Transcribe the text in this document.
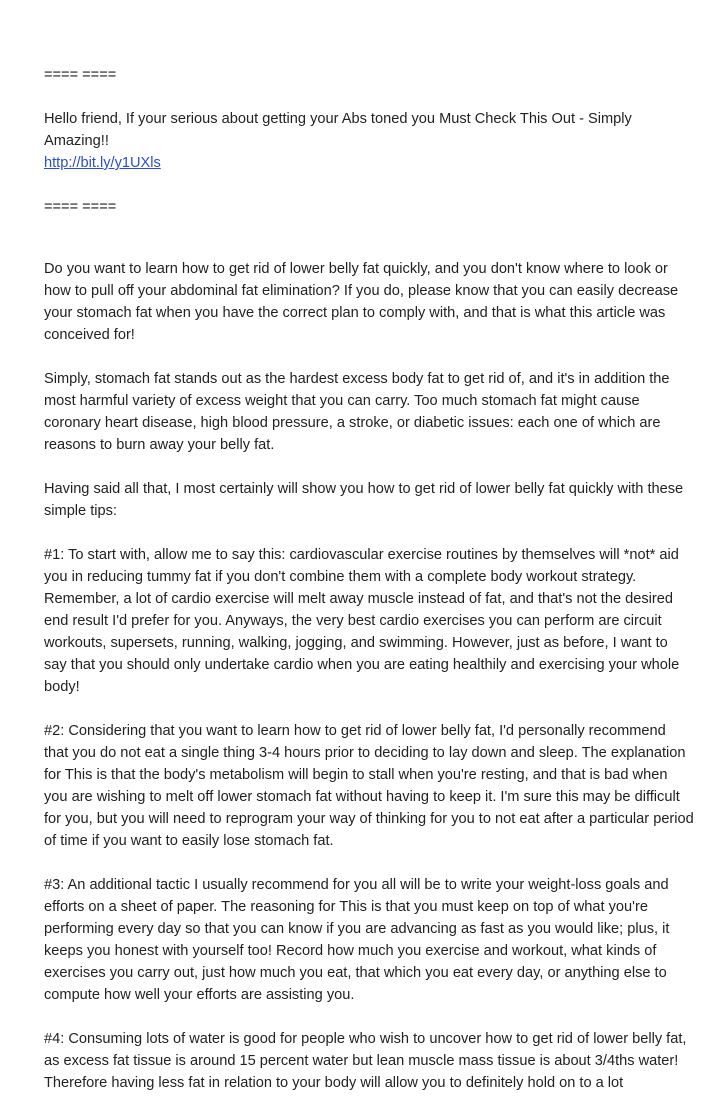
==== ====
Hello friend, If your serious about getting your Abs toned you Must Check This Out - Simply Amazing!!
http://bit.ly/y1UXls
==== ====

Do you want to learn how to get rid of lower belly fat quickly, and you don't know where to look or how to pull off your abdominal fat elimination? If you do, please know that you can easily decrease your stomach fat when you have the correct plan to comply with, and that is what this article was conceived for!

Simply, stomach fat stands out as the hardest excess body fat to get rid of, and it's in addition the most harmful variety of excess weight that you can carry. Too much stomach fat might cause coronary heart disease, high blood pressure, a stroke, or diabetic issues: each one of which are reasons to burn away your belly fat.

Having said all that, I most certainly will show you how to get rid of lower belly fat quickly with these simple tips:

#1: To start with, allow me to say this: cardiovascular exercise routines by themselves will *not* aid you in reducing tummy fat if you don't combine them with a complete body workout strategy. Remember, a lot of cardio exercise will melt away muscle instead of fat, and that's not the desired end result I'd prefer for you. Anyways, the very best cardio exercises you can perform are circuit workouts, supersets, running, walking, jogging, and swimming. However, just as before, I want to say that you should only undertake cardio when you are eating healthily and exercising your whole body!

#2: Considering that you want to learn how to get rid of lower belly fat, I'd personally recommend that you do not eat a single thing 3-4 hours prior to deciding to lay down and sleep. The explanation for This is that the body's metabolism will begin to stall when you're resting, and that is bad when you are wishing to melt off lower stomach fat without having to keep it. I'm sure this may be difficult for you, but you will need to reprogram your way of thinking for you to not eat after a particular period of time if you want to easily lose stomach fat.

#3: An additional tactic I usually recommend for you all will be to write your weight-loss goals and efforts on a sheet of paper. The reasoning for This is that you must keep on top of what you're performing every day so that you can know if you are advancing as fast as you would like; plus, it keeps you honest with yourself too! Record how much you exercise and workout, what kinds of exercises you carry out, just how much you eat, that which you eat every day, or anything else to compute how well your efforts are assisting you.

#4: Consuming lots of water is good for people who wish to uncover how to get rid of lower belly fat, as excess fat tissue is around 15 percent water but lean muscle mass tissue is about 3/4ths water! Therefore having less fat in relation to your body will allow you to definitely hold on to a lot
